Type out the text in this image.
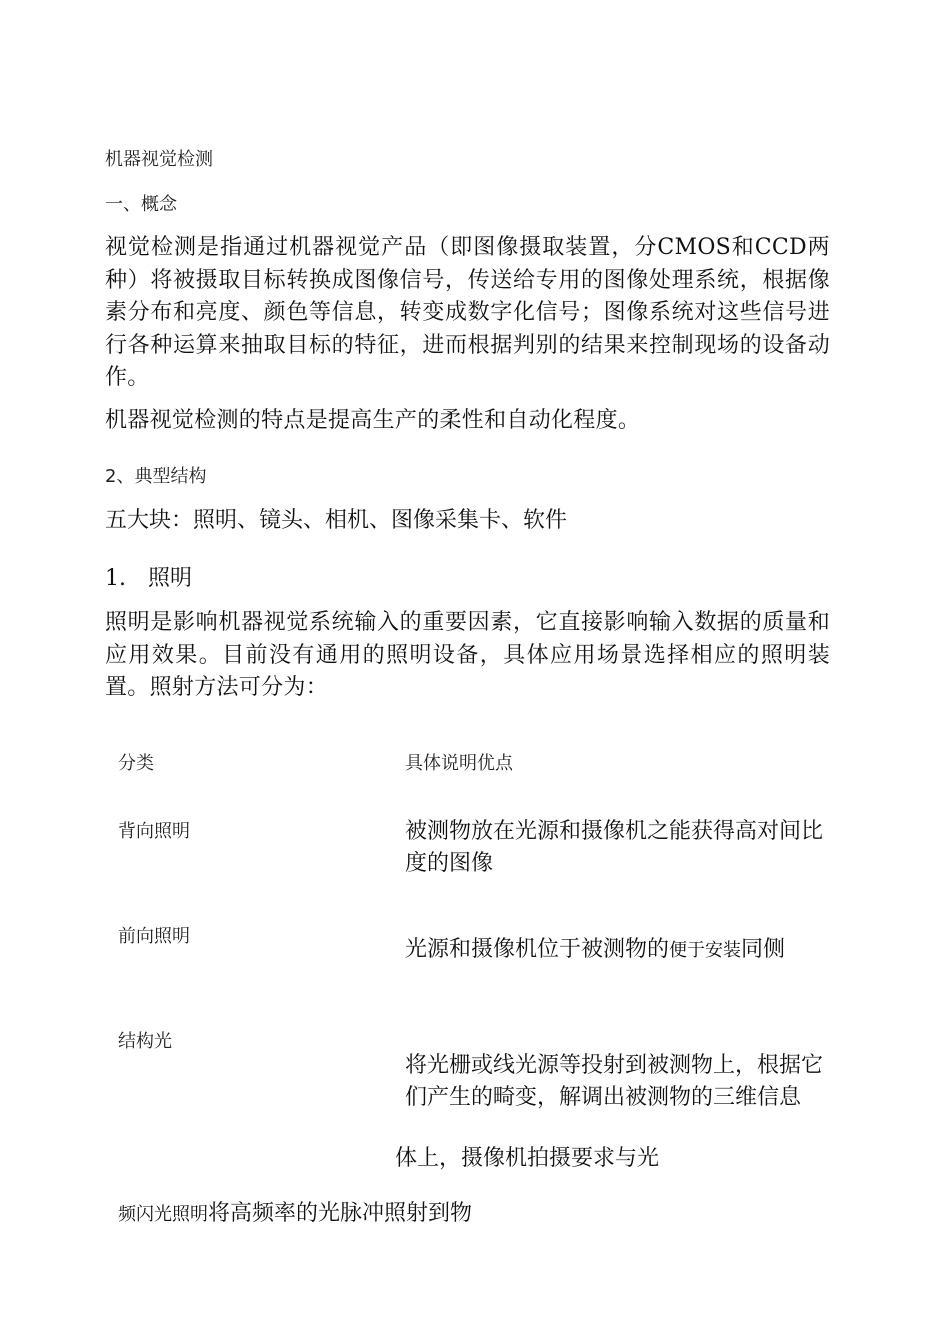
机器视觉检测
一、概念
视觉检测是指通过机器视觉产品（即图像摄取装置，分CMOS和CCD两种）将被摄取目标转换成图像信号，传送给专用的图像处理系统，根据像素分布和亮度、颜色等信息，转变成数字化信号；图像系统对这些信号进行各种运算来抽取目标的特征，进而根据判别的结果来控制现场的设备动作。
机器视觉检测的特点是提高生产的柔性和自动化程度。
2、典型结构
五大块：照明、镜头、相机、图像采集卡、软件
1.　照明
照明是影响机器视觉系统输入的重要因素，它直接影响输入数据的质量和应用效果。目前没有通用的照明设备，具体应用场景选择相应的照明装置。照射方法可分为：
分类	具体说明优点
背向照明	被测物放在光源和摄像机之能获得高对间比度的图像
前向照明
光源和摄像机位于被测物的便于安装同侧
结构光
将光栅或线光源等投射到被测物上，根据它们产生的畸变，解调出被测物的三维信息
体上，摄像机拍摄要求与光
频闪光照明将高频率的光脉冲照射到物
